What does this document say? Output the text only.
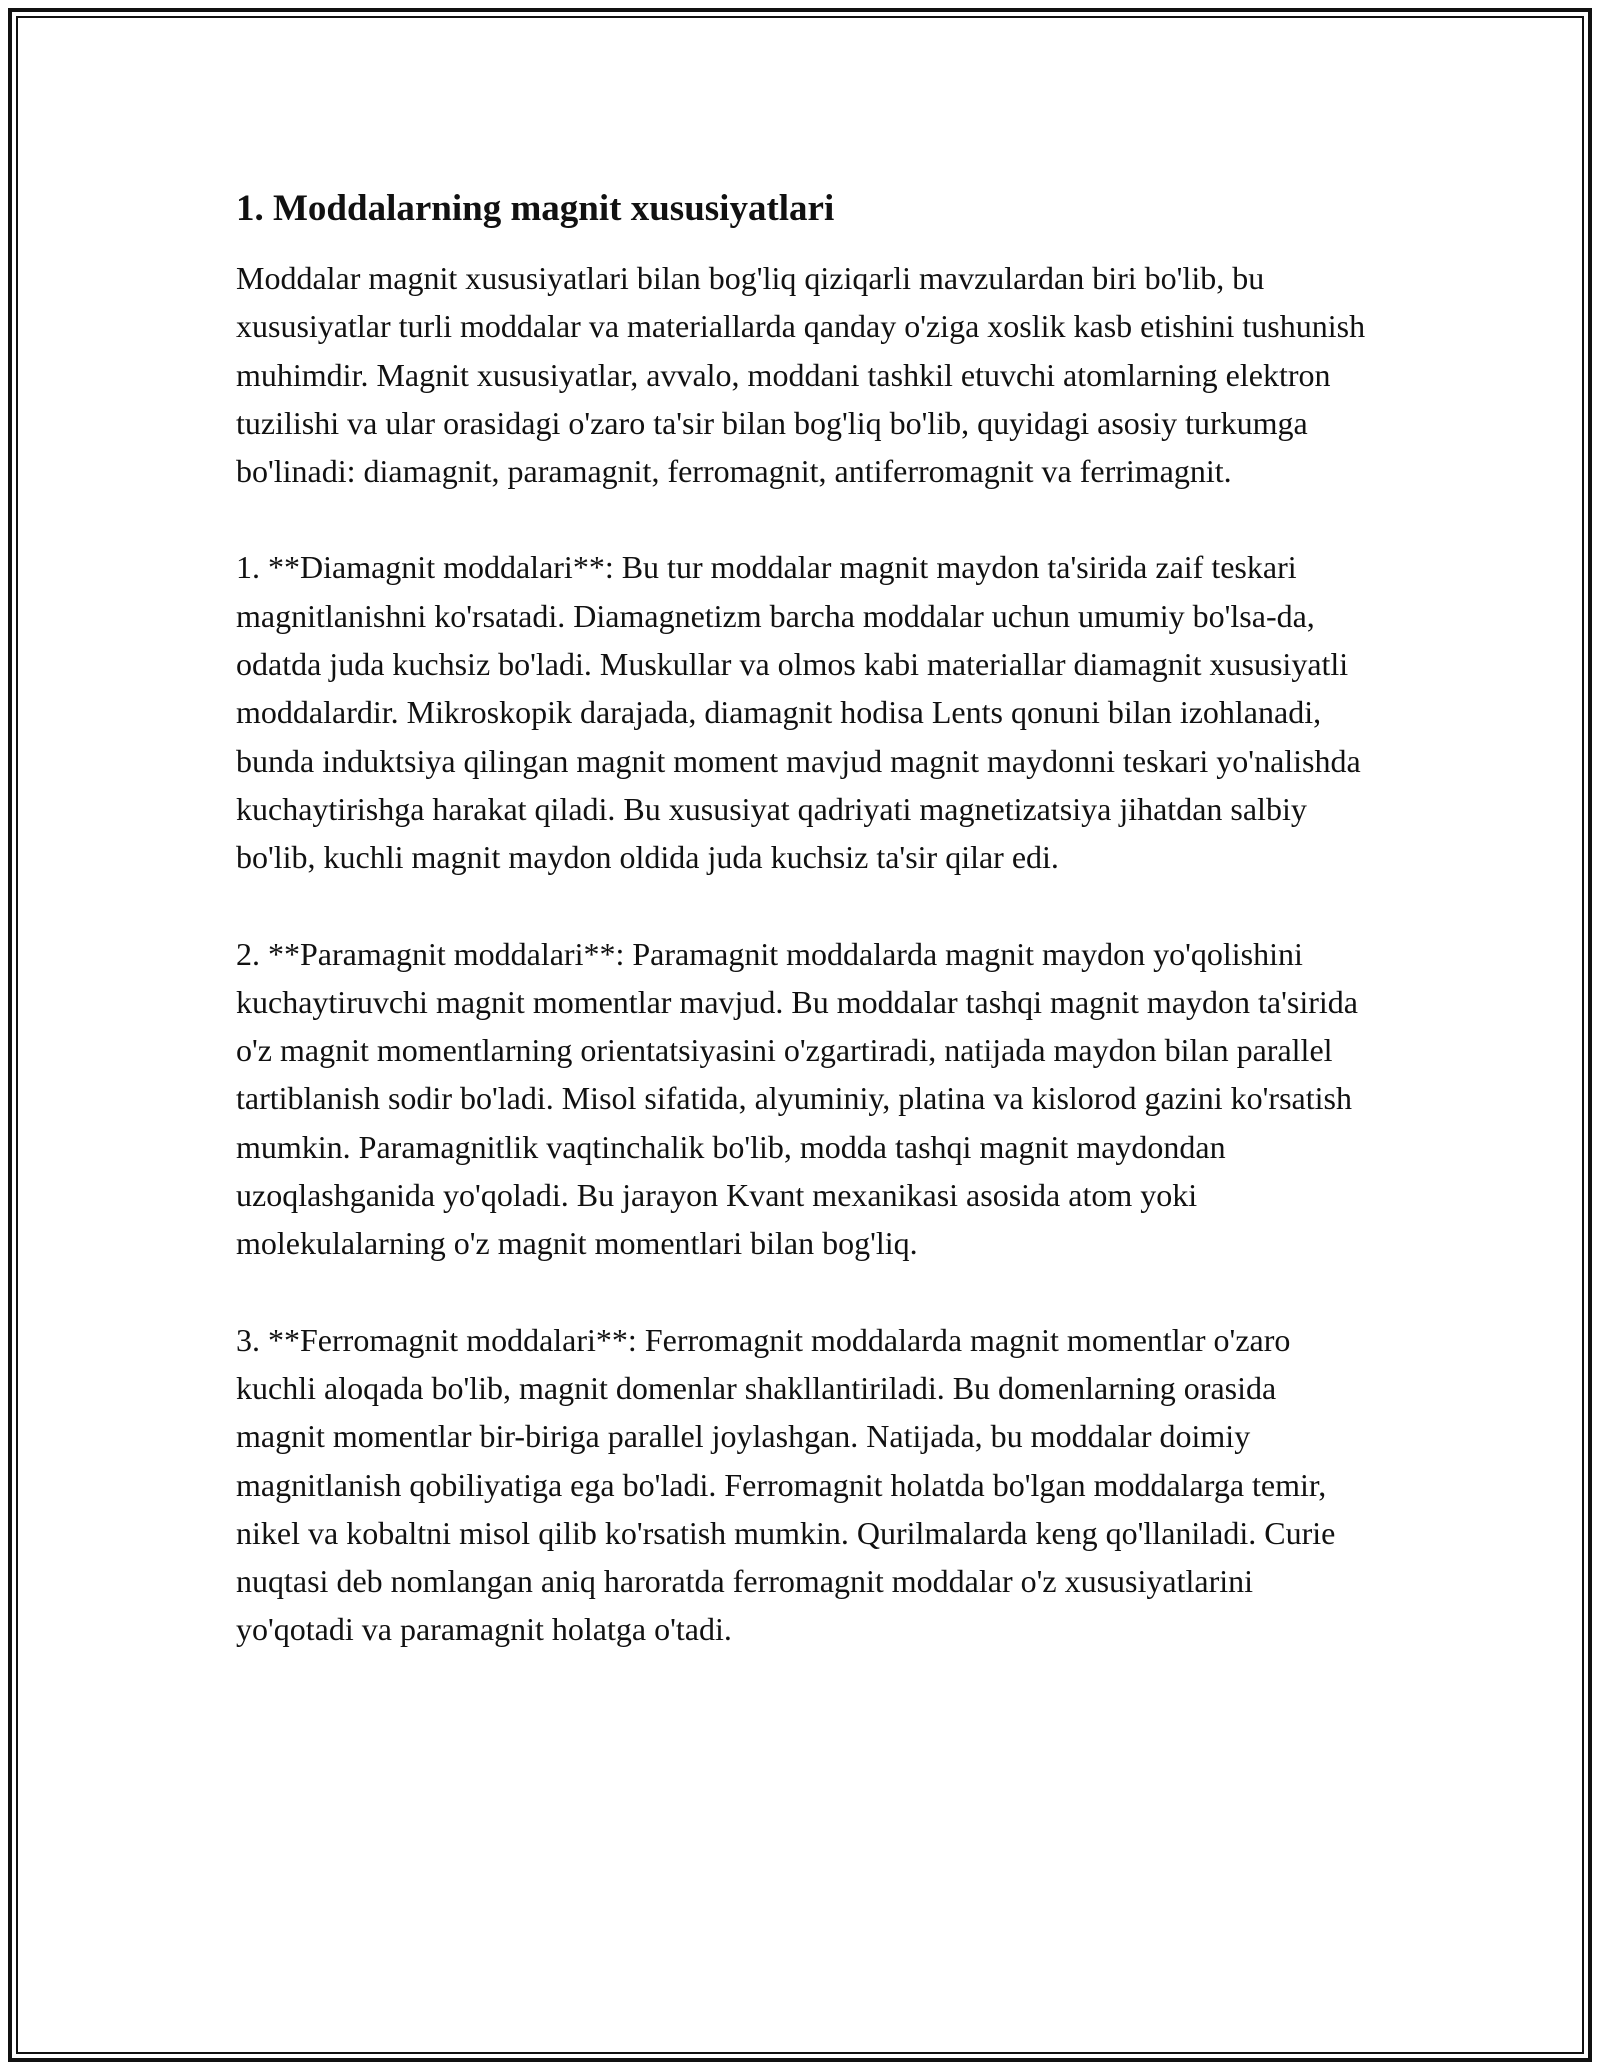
1. Moddalarning magnit xususiyatlari

Moddalar magnit xususiyatlari bilan bog'liq qiziqarli mavzulardan biri bo'lib, bu xususiyatlar turli moddalar va materiallarda qanday o'ziga xoslik kasb etishini tushunish muhimdir. Magnit xususiyatlar, avvalo, moddani tashkil etuvchi atomlarning elektron tuzilishi va ular orasidagi o'zaro ta'sir bilan bog'liq bo'lib, quyidagi asosiy turkumga bo'linadi: diamagnit, paramagnit, ferromagnit, antiferromagnit va ferrimagnit.

1. **Diamagnit moddalari**: Bu tur moddalar magnit maydon ta'sirida zaif teskari magnitlanishni ko'rsatadi. Diamagnetizm barcha moddalar uchun umumiy bo'lsa-da, odatda juda kuchsiz bo'ladi. Muskullar va olmos kabi materiallar diamagnit xususiyatli moddalardir. Mikroskopik darajada, diamagnit hodisa Lents qonuni bilan izohlanadi, bunda induktsiya qilingan magnit moment mavjud magnit maydonni teskari yo'nalishda kuchaytirishga harakat qiladi. Bu xususiyat qadriyati magnetizatsiya jihatdan salbiy bo'lib, kuchli magnit maydon oldida juda kuchsiz ta'sir qilar edi.

2. **Paramagnit moddalari**: Paramagnit moddalarda magnit maydon yo'qolishini kuchaytiruvchi magnit momentlar mavjud. Bu moddalar tashqi magnit maydon ta'sirida o'z magnit momentlarning orientatsiyasini o'zgartiradi, natijada maydon bilan parallel tartiblanish sodir bo'ladi. Misol sifatida, alyuminiy, platina va kislorod gazini ko'rsatish mumkin. Paramagnitlik vaqtinchalik bo'lib, modda tashqi magnit maydondan uzoqlashganida yo'qoladi. Bu jarayon Kvant mexanikasi asosida atom yoki molekulalarning o'z magnit momentlari bilan bog'liq.

3. **Ferromagnit moddalari**: Ferromagnit moddalarda magnit momentlar o'zaro kuchli aloqada bo'lib, magnit domenlar shakllantiriladi. Bu domenlarning orasida magnit momentlar bir-biriga parallel joylashgan. Natijada, bu moddalar doimiy magnitlanish qobiliyatiga ega bo'ladi. Ferromagnit holatda bo'lgan moddalarga temir, nikel va kobaltni misol qilib ko'rsatish mumkin. Qurilmalarda keng qo'llaniladi. Curie nuqtasi deb nomlangan aniq haroratda ferromagnit moddalar o'z xususiyatlarini yo'qotadi va paramagnit holatga o'tadi.
